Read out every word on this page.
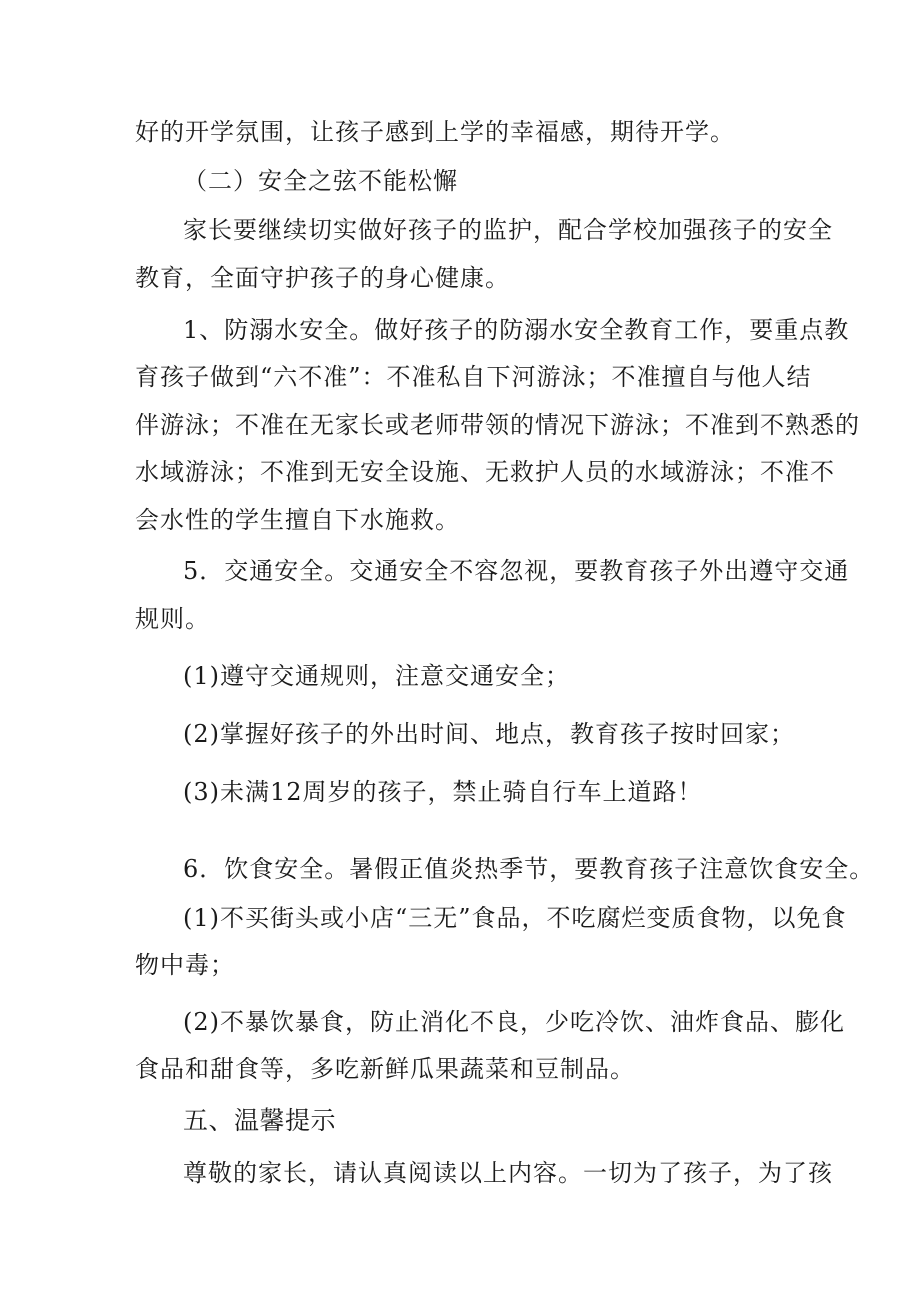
好的开学氛围，让孩子感到上学的幸福感，期待开学。
（二）安全之弦不能松懈
家长要继续切实做好孩子的监护，配合学校加强孩子的安全
教育，全面守护孩子的身心健康。
1、防溺水安全。做好孩子的防溺水安全教育工作，要重点教
育孩子做到“六不准”：不准私自下河游泳；不准擅自与他人结
伴游泳；不准在无家长或老师带领的情况下游泳；不准到不熟悉的
水域游泳；不准到无安全设施、无救护人员的水域游泳；不准不
会水性的学生擅自下水施救。
5．交通安全。交通安全不容忽视，要教育孩子外出遵守交通
规则。
(1)遵守交通规则，注意交通安全；
(2)掌握好孩子的外出时间、地点，教育孩子按时回家；
(3)未满12周岁的孩子，禁止骑自行车上道路！
6．饮食安全。暑假正值炎热季节，要教育孩子注意饮食安全。
(1)不买街头或小店“三无”食品，不吃腐烂变质食物，以免食
物中毒；
(2)不暴饮暴食，防止消化不良，少吃冷饮、油炸食品、膨化
食品和甜食等，多吃新鲜瓜果蔬菜和豆制品。
五、温馨提示
尊敬的家长，请认真阅读以上内容。一切为了孩子，为了孩
